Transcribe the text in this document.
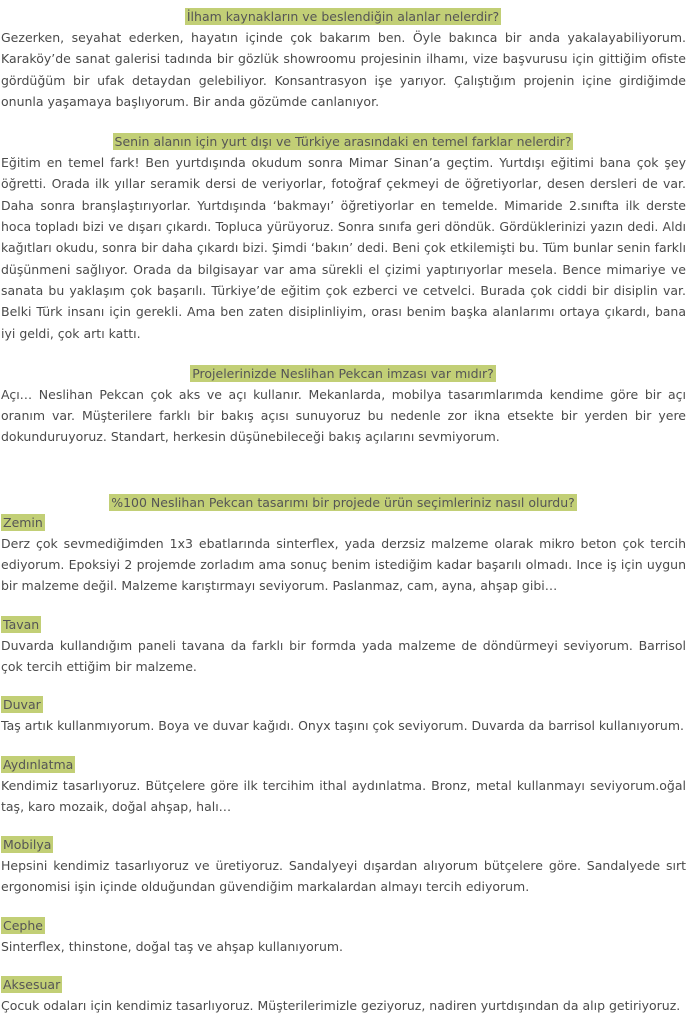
İlham kaynakların ve beslendiğin alanlar nelerdir?

Gezerken, seyahat ederken, hayatın içinde çok bakarım ben. Öyle bakınca bir anda yakalayabiliyorum. Karaköy’de sanat galerisi tadında bir gözlük showroomu projesinin ilhamı, vize başvurusu için gittiğim ofiste gördüğüm bir ufak detaydan gelebiliyor. Konsantrasyon işe yarıyor. Çalıştığım projenin içine girdiğimde onunla yaşamaya başlıyorum. Bir anda gözümde canlanıyor.

Senin alanın için yurt dışı ve Türkiye arasındaki en temel farklar nelerdir?

Eğitim en temel fark! Ben yurtdışında okudum sonra Mimar Sinan’a geçtim. Yurtdışı eğitimi bana çok şey öğretti. Orada ilk yıllar seramik dersi de veriyorlar, fotoğraf çekmeyi de öğretiyorlar, desen dersleri de var. Daha sonra branşlaştırıyorlar. Yurtdışında ‘bakmayı’ öğretiyorlar en temelde. Mimaride 2.sınıfta ilk derste hoca topladı bizi ve dışarı çıkardı. Topluca yürüyoruz. Sonra sınıfa geri döndük. Gördüklerinizi yazın dedi. Aldı kağıtları okudu, sonra bir daha çıkardı bizi. Şimdi ‘bakın’ dedi. Beni çok etkilemişti bu. Tüm bunlar senin farklı düşünmeni sağlıyor. Orada da bilgisayar var ama sürekli el çizimi yaptırıyorlar mesela. Bence mimariye ve sanata bu yaklaşım çok başarılı. Türkiye’de eğitim çok ezberci ve cetvelci. Burada çok ciddi bir disiplin var. Belki Türk insanı için gerekli. Ama ben zaten disiplinliyim, orası benim başka alanlarımı ortaya çıkardı, bana iyi geldi, çok artı kattı.

Projelerinizde Neslihan Pekcan imzası var mıdır?

Açı… Neslihan Pekcan çok aks ve açı kullanır. Mekanlarda, mobilya tasarımlarımda kendime göre bir açı oranım var. Müşterilere farklı bir bakış açısı sunuyoruz bu nedenle zor ikna etsekte bir yerden bir yere dokunduruyoruz. Standart, herkesin düşünebileceği bakış açılarını sevmiyorum.

%100 Neslihan Pekcan tasarımı bir projede ürün seçimleriniz nasıl olurdu?
Zemin

Derz çok sevmediğimden 1x3 ebatlarında sinterflex, yada derzsiz malzeme olarak mikro beton çok tercih ediyorum. Epoksiyi 2 projemde zorladım ama sonuç benim istediğim kadar başarılı olmadı. Ince iş için uygun bir malzeme değil. Malzeme karıştırmayı seviyorum. Paslanmaz, cam, ayna, ahşap gibi…

Tavan

Duvarda kullandığım paneli tavana da farklı bir formda yada malzeme de döndürmeyi seviyorum. Barrisol çok tercih ettiğim bir malzeme.

Duvar

Taş artık kullanmıyorum. Boya ve duvar kağıdı. Onyx taşını çok seviyorum. Duvarda da barrisol kullanıyorum.

Aydınlatma

Kendimiz tasarlıyoruz. Bütçelere göre ilk tercihim ithal aydınlatma. Bronz, metal kullanmayı seviyorum.oğal taş, karo mozaik, doğal ahşap, halı…

Mobilya

Hepsini kendimiz tasarlıyoruz ve üretiyoruz. Sandalyeyi dışardan alıyorum bütçelere göre. Sandalyede sırt ergonomisi işin içinde olduğundan güvendiğim markalardan almayı tercih ediyorum.

Cephe

Sinterflex, thinstone, doğal taş ve ahşap kullanıyorum.

Aksesuar

Çocuk odaları için kendimiz tasarlıyoruz. Müşterilerimizle geziyoruz, nadiren yurtdışından da alıp getiriyoruz.
